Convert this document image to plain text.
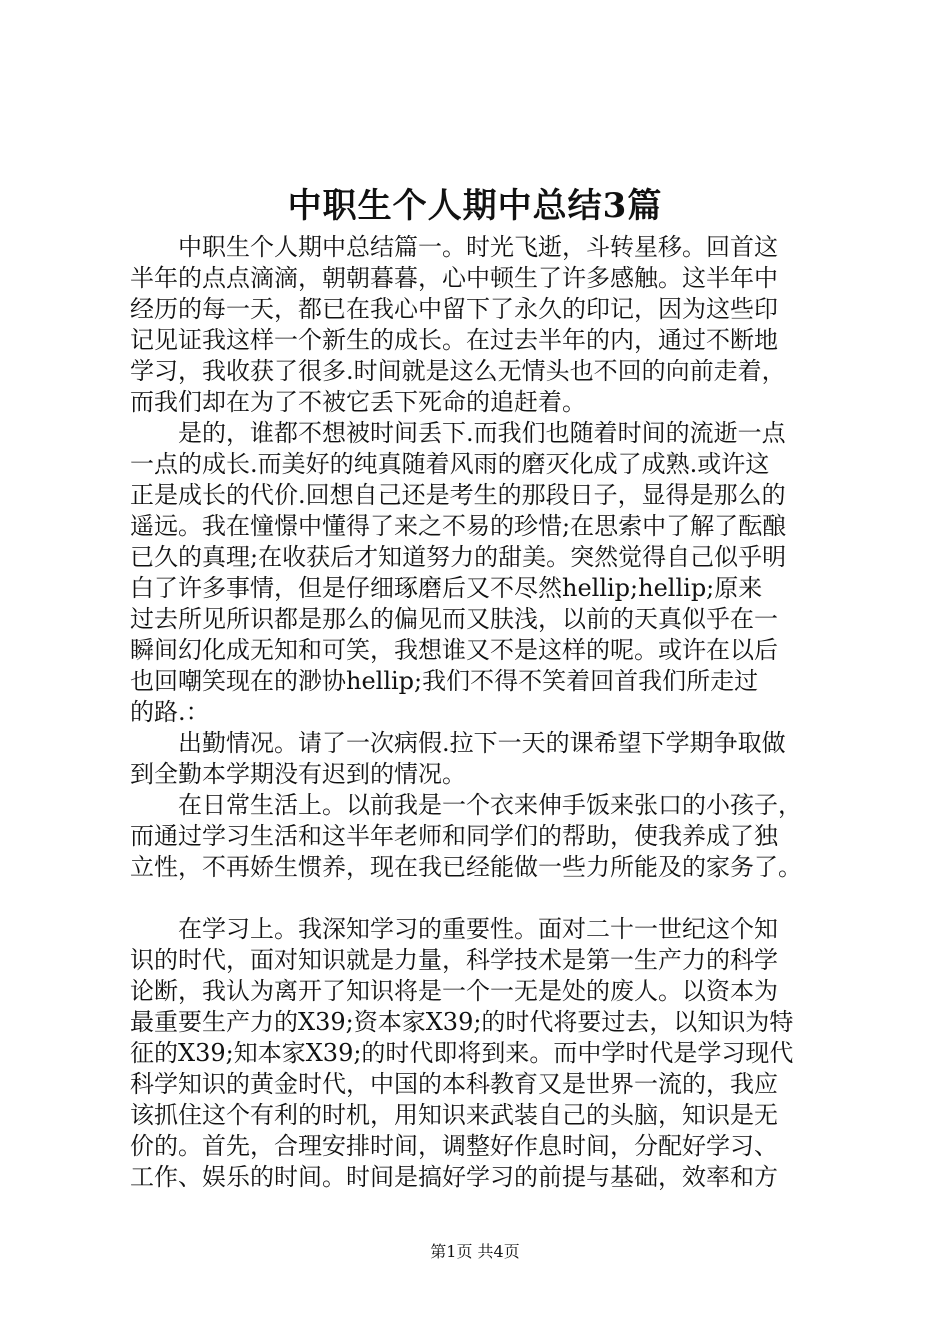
中职生个人期中总结3篇
　　中职生个人期中总结篇一。时光飞逝，斗转星移。回首这
半年的点点滴滴，朝朝暮暮，心中顿生了许多感触。这半年中
经历的每一天，都已在我心中留下了永久的印记，因为这些印
记见证我这样一个新生的成长。在过去半年的内，通过不断地
学习，我收获了很多.时间就是这么无情头也不回的向前走着，
而我们却在为了不被它丢下死命的追赶着。
　　是的，谁都不想被时间丢下.而我们也随着时间的流逝一点
一点的成长.而美好的纯真随着风雨的磨灭化成了成熟.或许这
正是成长的代价.回想自己还是考生的那段日子，显得是那么的
遥远。我在憧憬中懂得了来之不易的珍惜;在思索中了解了酝酿
已久的真理;在收获后才知道努力的甜美。突然觉得自己似乎明
白了许多事情，但是仔细琢磨后又不尽然hellip;hellip;原来
过去所见所识都是那么的偏见而又肤浅，以前的天真似乎在一
瞬间幻化成无知和可笑，我想谁又不是这样的呢。或许在以后
也回嘲笑现在的渺协hellip;我们不得不笑着回首我们所走过
的路.：
　　出勤情况。请了一次病假.拉下一天的课希望下学期争取做
到全勤本学期没有迟到的情况。
　　在日常生活上。以前我是一个衣来伸手饭来张口的小孩子，
而通过学习生活和这半年老师和同学们的帮助，使我养成了独
立性，不再娇生惯养，现在我已经能做一些力所能及的家务了。
　　在学习上。我深知学习的重要性。面对二十一世纪这个知
识的时代，面对知识就是力量，科学技术是第一生产力的科学
论断，我认为离开了知识将是一个一无是处的废人。以资本为
最重要生产力的X39;资本家X39;的时代将要过去，以知识为特
征的X39;知本家X39;的时代即将到来。而中学时代是学习现代
科学知识的黄金时代，中国的本科教育又是世界一流的，我应
该抓住这个有利的时机，用知识来武装自己的头脑，知识是无
价的。首先，合理安排时间，调整好作息时间，分配好学习、
工作、娱乐的时间。时间是搞好学习的前提与基础，效率和方
第1页 共4页
